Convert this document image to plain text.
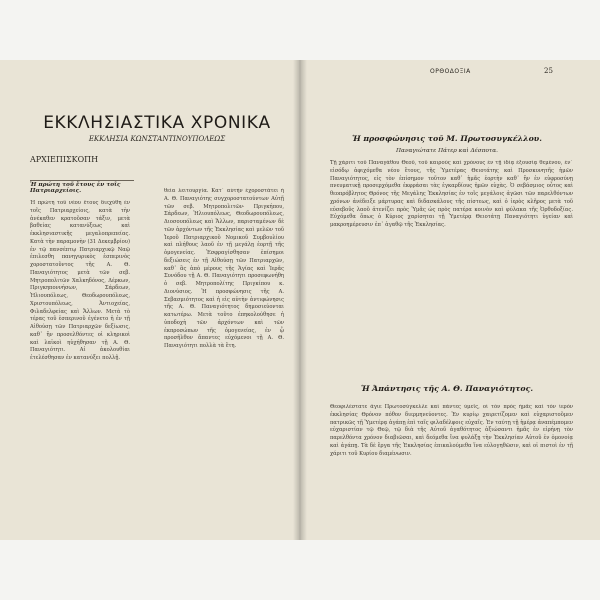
ΕΚΚΛΗΣΙΑΣΤΙΚΑ ΧΡΟΝΙΚΑ
ΕΚΚΛΗΣΙΑ ΚΩΝΣΤΑΝΤΙΝΟΥΠΟΛΕΩΣ
ΑΡΧΙΕΠΙΣΚΟΠΗ
Ἡ πρώτη τοῦ ἔτους ἐν τοῖς Πατριαρχείοις.
Ἡ πρώτη τοῦ νέου ἔτους διεχύθη ἐν τοῖς Πατριαρχείοις, κατὰ τὴν ἀνέκαθεν κρατοῦσαν τάξιν, μετὰ βαθείας κατανύξεως καὶ ἐκκλησιαστικῆς μεγαλοπρεπείας. Κατὰ τὴν παραμονὴν (31 Δεκεμβρίου) ἐν τῷ πανσέπτῳ Πατριαρχικῷ Ναῷ ἐπιλεσθη πανηγυρικὸς ἑσπερινὸς χοροστατοῦντος τῆς Α. Θ. Παναγιότητος μετὰ τῶν σεβ. Μητροπολιτῶν Χαλκηδόνος, Δέρκων, Πριγκηποννήσων, Σάρδεων, Ἠλιουπόλεως, Θεοδωρουπόλεως, Χριστουπόλεως, Ἀντιοχείας, Φιλαδελφείας καὶ Ἄλλων. Μετὰ τὸ τέρας τοῦ ἑσπερινοῦ ἐγένετο ἡ ἐν τῇ Αἰθούσῃ τῶν Πατριαρχῶν δεξίωσις, καθ᾿ ἣν προσελθόντες οἱ κληρικοὶ καὶ λαϊκοὶ ηὐχήθησαν τῇ Α. Θ. Παναγιότητι. Αἱ ἀκολουθίαι ἐτελέσθησαν ἐν κατανύξει πολλῇ.
θεία λειτουργία. Κατ᾿ αὐτὴν ἐχοροστάτει ἡ Α. Θ. Παναγιότης συγχοροστατούντων Αὐτῇ τῶν σεβ. Μητροπολιτῶν· Πριγκήπου, Σάρδεων, Ἠλιουπόλεως, Θεοδωρουπόλεως, Διοσουπόλεως καὶ Ἄλλων, παρισταμένων δὲ τῶν ἀρχόντων τῆς Ἐκκλησίας καὶ μελῶν τοῦ Ἱεροῦ Πατριαρχικοῦ Νομικοῦ Συμβουλίου καὶ πλήθους λαοῦ ἐν τῇ μεγάλῃ ἑορτῇ τῆς ὁμογενείας. Ἐσφραγίσθησαν ἐπίσημοι δεξιώσεις ἐν τῇ Αἰθούσῃ τῶν Πατριαρχῶν, καθ᾿ ἃς ἀπὸ μέρους τῆς Ἁγίας καὶ Ἱερᾶς Συνόδου τῇ Α. Θ. Παναγιότητι προσεφωνήθη ὁ σεβ. Μητροπολίτης Πριγκίπου κ. Διονύσιος. Ἡ προσφώνησις τῆς Α. Σεβασμιότητος καὶ ἡ εἰς αὐτὴν ἀντιφώνησις τῆς Α. Θ. Παναγιότητος δημοσιεύονται κατωτέρω. Μετὰ τοῦτο ἐπηκολούθησε ἡ ὑποδοχὴ τῶν ἀρχόντων καὶ τῶν ἐκπροσώπων τῆς ὁμογενείας, ἐν ᾧ προσῆλθον ἅπαντες εὐχόμενοι τῇ Α. Θ. Παναγιότητι πολλὰ τὰ ἔτη.
ΟΡΘΟΔΟΞΙΑ	25
Ἡ προσφώνησις τοῦ Μ. Πρωτοσυγκέλλου.
Παναγιώτατε Πάτερ καὶ Δέσποτα.
Τῇ χάριτι τοῦ Παναγάθου Θεοῦ, τοῦ καιροὺς καὶ χρόνους ἐν τῇ ἰδίᾳ ἐξουσίᾳ θεμένου, ἐν᾿ εἰσόδῳ ἀφιχόμεθα νέου ἔτους, τῆς Ὑμετέρας Θειοτάτης καὶ Προσκυνητῆς ἡμῶν Παναγιότητος, εἰς τὸν ἐπίσημον τοῦτον καθ᾿ ἡμᾶς ἐορτὴν καθ᾿ ἣν ἐν εὐφροσύνῃ πνευματικῇ προσερχόμεθα ἐκφράσαι τὰς ἐγκαρδίους ἡμῶν εὐχὰς. Ὁ σεβάσμιος οὗτος καὶ θεοπρόβλητος Θρόνος τῆς Μεγάλης Ἐκκλησίας ἐν τοῖς μεγάλοις ἀγῶσι τῶν παρελθόντων χρόνων ἀνέδειξε μάρτυρας καὶ διδασκάλους τῆς πίστεως, καὶ ὁ ἱερὸς κλῆρος μετὰ τοῦ εὐσεβοῦς λαοῦ ἀτενίζει πρὸς Ὑμᾶς ὡς πρὸς πατέρα κοινὸν καὶ φύλακα τῆς Ὀρθοδοξίας. Εὐχόμεθα ὅπως ὁ Κύριος χαρίσηται τῇ Ὑμετέρᾳ Θειοτάτῃ Παναγιότητι ὑγείαν καὶ μακροημέρευσιν ἐπ᾿ ἀγαθῷ τῆς Ἐκκλησίας.
Ἡ Ἀπάντησις τῆς Α. Θ. Παναγιότητος.
Θεοφιλέστατε ἅγιε Πρωτοσύγκελλε καὶ πάντες ὑμεῖς, οἱ τὸν πρὸς ἡμᾶς καὶ τὸν ἱερὸν ἐκκλησίας Θρόνον πόθον διερμηνεύοντες. Ἐν κυρίῳ χαιρετίζομεν καὶ εὐχαριστοῦμεν πατρικῶς τῇ Ὑμετέρᾳ ἀγάπῃ ἐπὶ ταῖς φιλαδέλφοις εὐχαῖς. Ἐν ταύτῃ τῇ ἡμέρᾳ ἀναπέμπομεν εὐχαριστίαν τῷ Θεῷ, τῷ διὰ τῆς Αὐτοῦ ἀγαθότητος ἀξιώσαντι ἡμᾶς ἐν εἰρήνῃ τὸν παρελθόντα χρόνον διαβιῶσαι, καὶ δεόμεθα ἵνα φυλάξῃ τὴν Ἐκκλησίαν Αὐτοῦ ἐν ὁμονοίᾳ καὶ ἀγάπῃ. Τὰ δὲ ἔργα τῆς Ἐκκλησίας ἐπικαλούμεθα ἵνα εὐλογηθῶσιν, καὶ οἱ πιστοὶ ἐν τῇ χάριτι τοῦ Κυρίου διαμένωσιν.
